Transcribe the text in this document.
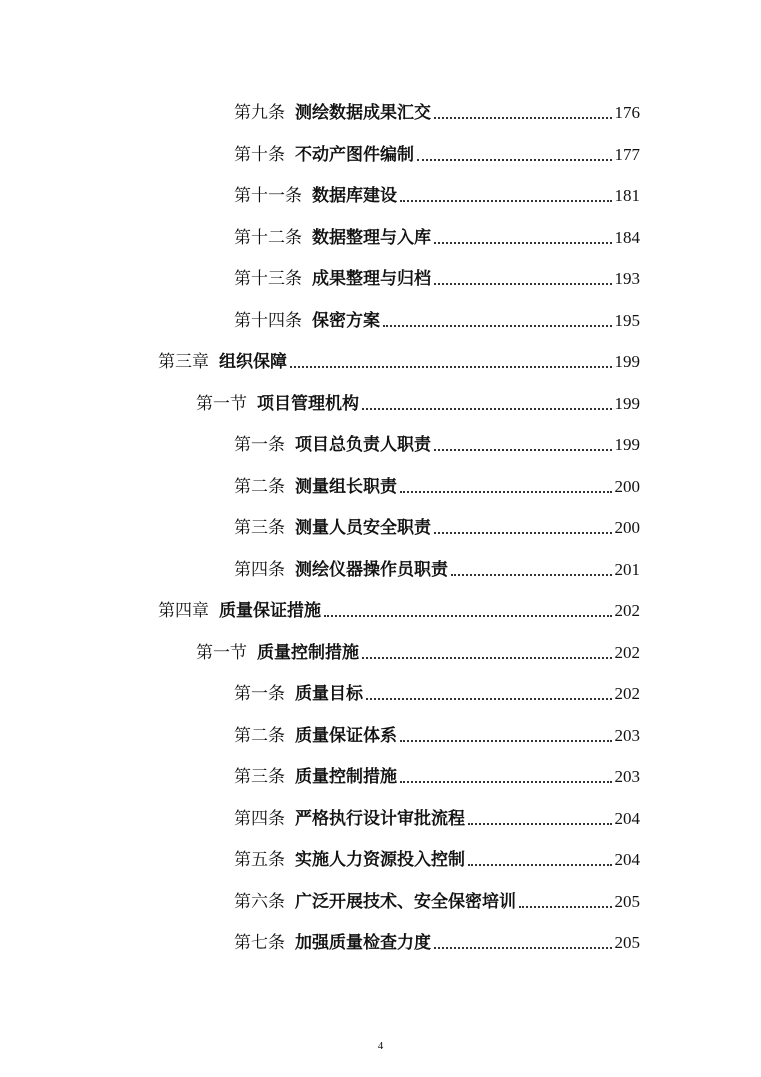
第九条 测绘数据成果汇交	176
第十条 不动产图件编制	177
第十一条 数据库建设	181
第十二条 数据整理与入库	184
第十三条 成果整理与归档	193
第十四条 保密方案	195
第三章 组织保障	199
第一节 项目管理机构	199
第一条 项目总负责人职责	199
第二条 测量组长职责	200
第三条 测量人员安全职责	200
第四条 测绘仪器操作员职责	201
第四章 质量保证措施	202
第一节 质量控制措施	202
第一条 质量目标	202
第二条 质量保证体系	203
第三条 质量控制措施	203
第四条 严格执行设计审批流程	204
第五条 实施人力资源投入控制	204
第六条 广泛开展技术、安全保密培训	205
第七条 加强质量检查力度	205
4
